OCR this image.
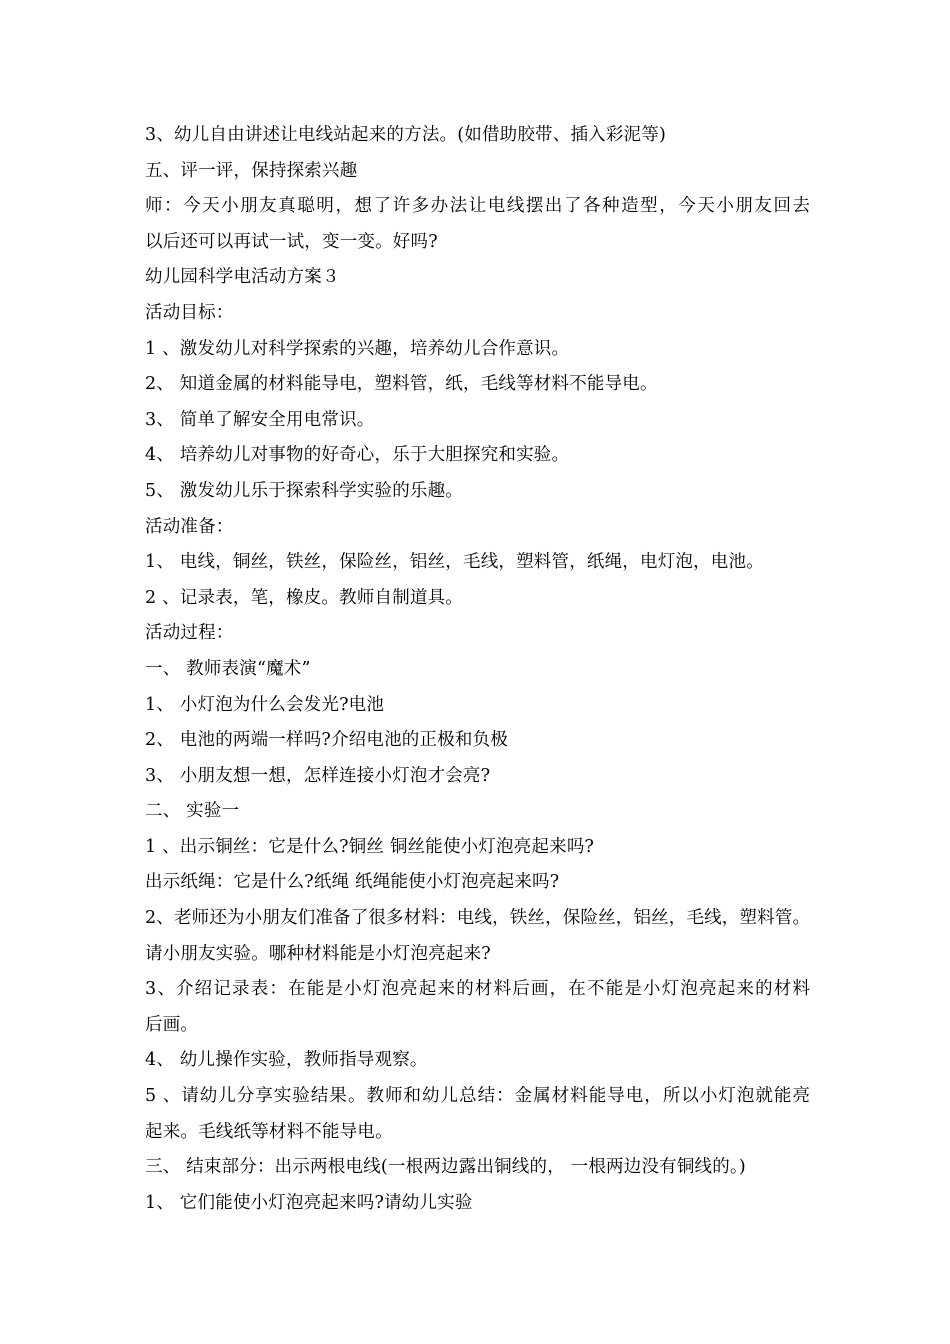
3、幼儿自由讲述让电线站起来的方法。(如借助胶带、插入彩泥等)
五、评一评，保持探索兴趣
师：今天小朋友真聪明，想了许多办法让电线摆出了各种造型，今天小朋友回去
以后还可以再试一试，变一变。好吗?
幼儿园科学电活动方案３
活动目标：
1 、激发幼儿对科学探索的兴趣，培养幼儿合作意识。
2、 知道金属的材料能导电，塑料管，纸，毛线等材料不能导电。
3、 简单了解安全用电常识。
4、 培养幼儿对事物的好奇心，乐于大胆探究和实验。
5、 激发幼儿乐于探索科学实验的乐趣。
活动准备：
1、 电线，铜丝，铁丝，保险丝，铝丝，毛线，塑料管，纸绳，电灯泡，电池。
2 、记录表，笔，橡皮。教师自制道具。
活动过程：
一、 教师表演“魔术”
1、 小灯泡为什么会发光?电池
2、 电池的两端一样吗?介绍电池的正极和负极
3、 小朋友想一想，怎样连接小灯泡才会亮?
二、 实验一
1 、出示铜丝：它是什么?铜丝 铜丝能使小灯泡亮起来吗?
出示纸绳：它是什么?纸绳 纸绳能使小灯泡亮起来吗?
2、老师还为小朋友们准备了很多材料：电线，铁丝，保险丝，铝丝，毛线，塑料管。
请小朋友实验。哪种材料能是小灯泡亮起来?
3、介绍记录表：在能是小灯泡亮起来的材料后画，在不能是小灯泡亮起来的材料
后画。
4、 幼儿操作实验，教师指导观察。
5 、请幼儿分享实验结果。教师和幼儿总结：金属材料能导电，所以小灯泡就能亮
起来。毛线纸等材料不能导电。
三、 结束部分：出示两根电线(一根两边露出铜线的， 一根两边没有铜线的。)
1、 它们能使小灯泡亮起来吗?请幼儿实验
